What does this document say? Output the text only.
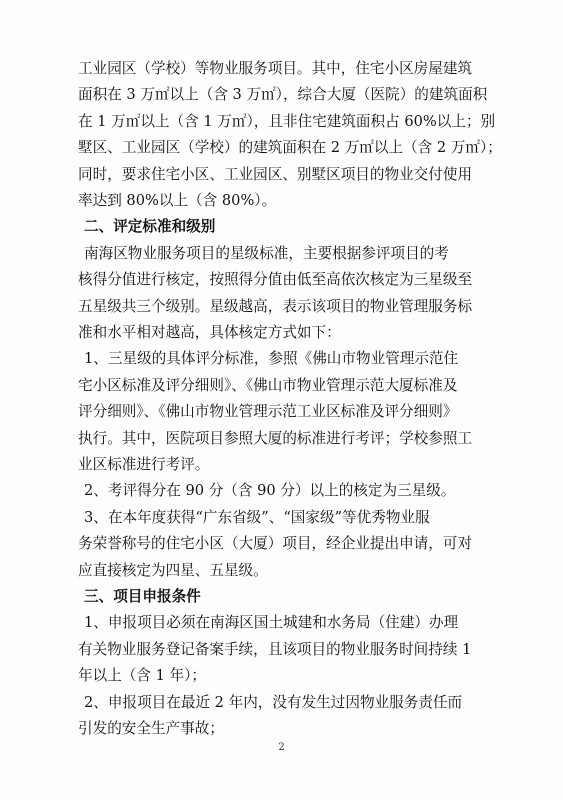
工业园区（学校）等物业服务项目。其中，住宅小区房屋建筑
面积在 3 万㎡以上（含 3 万㎡），综合大厦（医院）的建筑面积
在 1 万㎡以上（含 1 万㎡），且非住宅建筑面积占 60%以上；别
墅区、工业园区（学校）的建筑面积在 2 万㎡以上（含 2 万㎡）；
同时，要求住宅小区、工业园区、别墅区项目的物业交付使用
率达到 80%以上（含 80%）。
二、评定标准和级别
南海区物业服务项目的星级标准，主要根据参评项目的考
核得分值进行核定，按照得分值由低至高依次核定为三星级至
五星级共三个级别。星级越高，表示该项目的物业管理服务标
准和水平相对越高，具体核定方式如下：
1、三星级的具体评分标准，参照《佛山市物业管理示范住
宅小区标准及评分细则》、《佛山市物业管理示范大厦标准及
评分细则》、《佛山市物业管理示范工业区标准及评分细则》
执行。其中，医院项目参照大厦的标准进行考评；学校参照工
业区标准进行考评。
2、考评得分在 90 分（含 90 分）以上的核定为三星级。
3、在本年度获得“广东省级”、“国家级”等优秀物业服
务荣誉称号的住宅小区（大厦）项目，经企业提出申请，可对
应直接核定为四星、五星级。
三、项目申报条件
1、申报项目必须在南海区国土城建和水务局（住建）办理
有关物业服务登记备案手续，且该项目的物业服务时间持续 1
年以上（含 1 年）；
2、申报项目在最近 2 年内，没有发生过因物业服务责任而
引发的安全生产事故；
2
